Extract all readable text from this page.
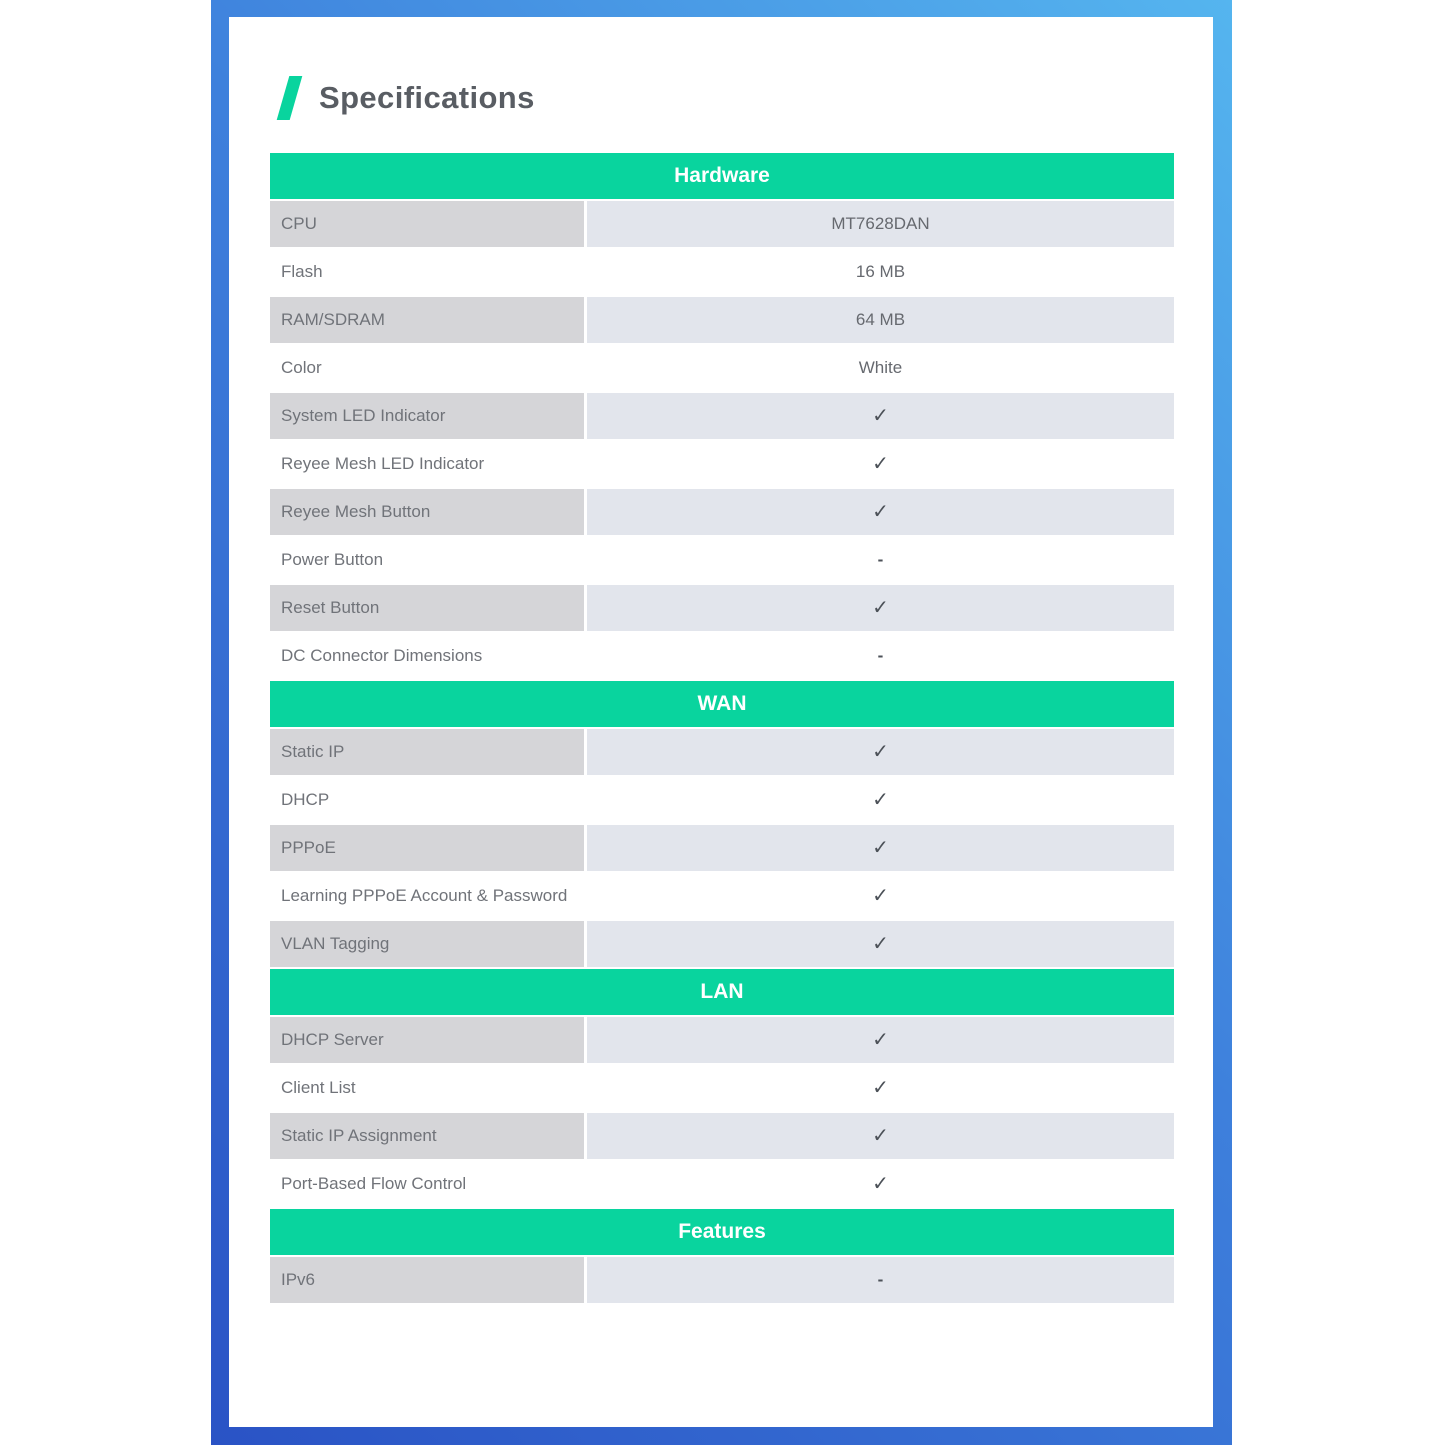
Specifications
Hardware
CPU	MT7628DAN
Flash	16 MB
RAM/SDRAM	64 MB
Color	White
System LED Indicator	✓
Reyee Mesh LED Indicator	✓
Reyee Mesh Button	✓
Power Button	-
Reset Button	✓
DC Connector Dimensions	-
WAN
Static IP	✓
DHCP	✓
PPPoE	✓
Learning PPPoE Account & Password	✓
VLAN Tagging	✓
LAN
DHCP Server	✓
Client List	✓
Static IP Assignment	✓
Port-Based Flow Control	✓
Features
IPv6	-
